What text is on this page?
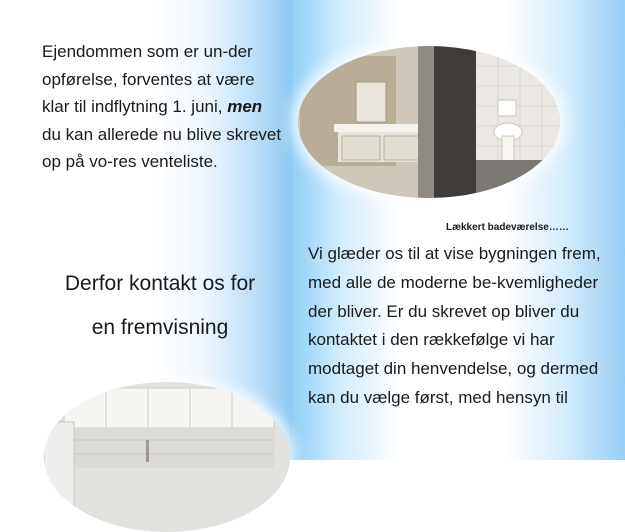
Ejendommen som er un-der opførelse, forventes at være klar til indflytning 1. juni, men du kan allerede nu blive skrevet op på vo-res venteliste.

Derfor kontakt os for
en fremvisning

Lækkert badeværelse……

Vi glæder os til at vise bygningen frem, med alle de moderne be-kvemligheder der bliver. Er du skrevet op bliver du kontaktet i den rækkefølge vi har modtaget din henvendelse, og dermed kan du vælge først, med hensyn til
